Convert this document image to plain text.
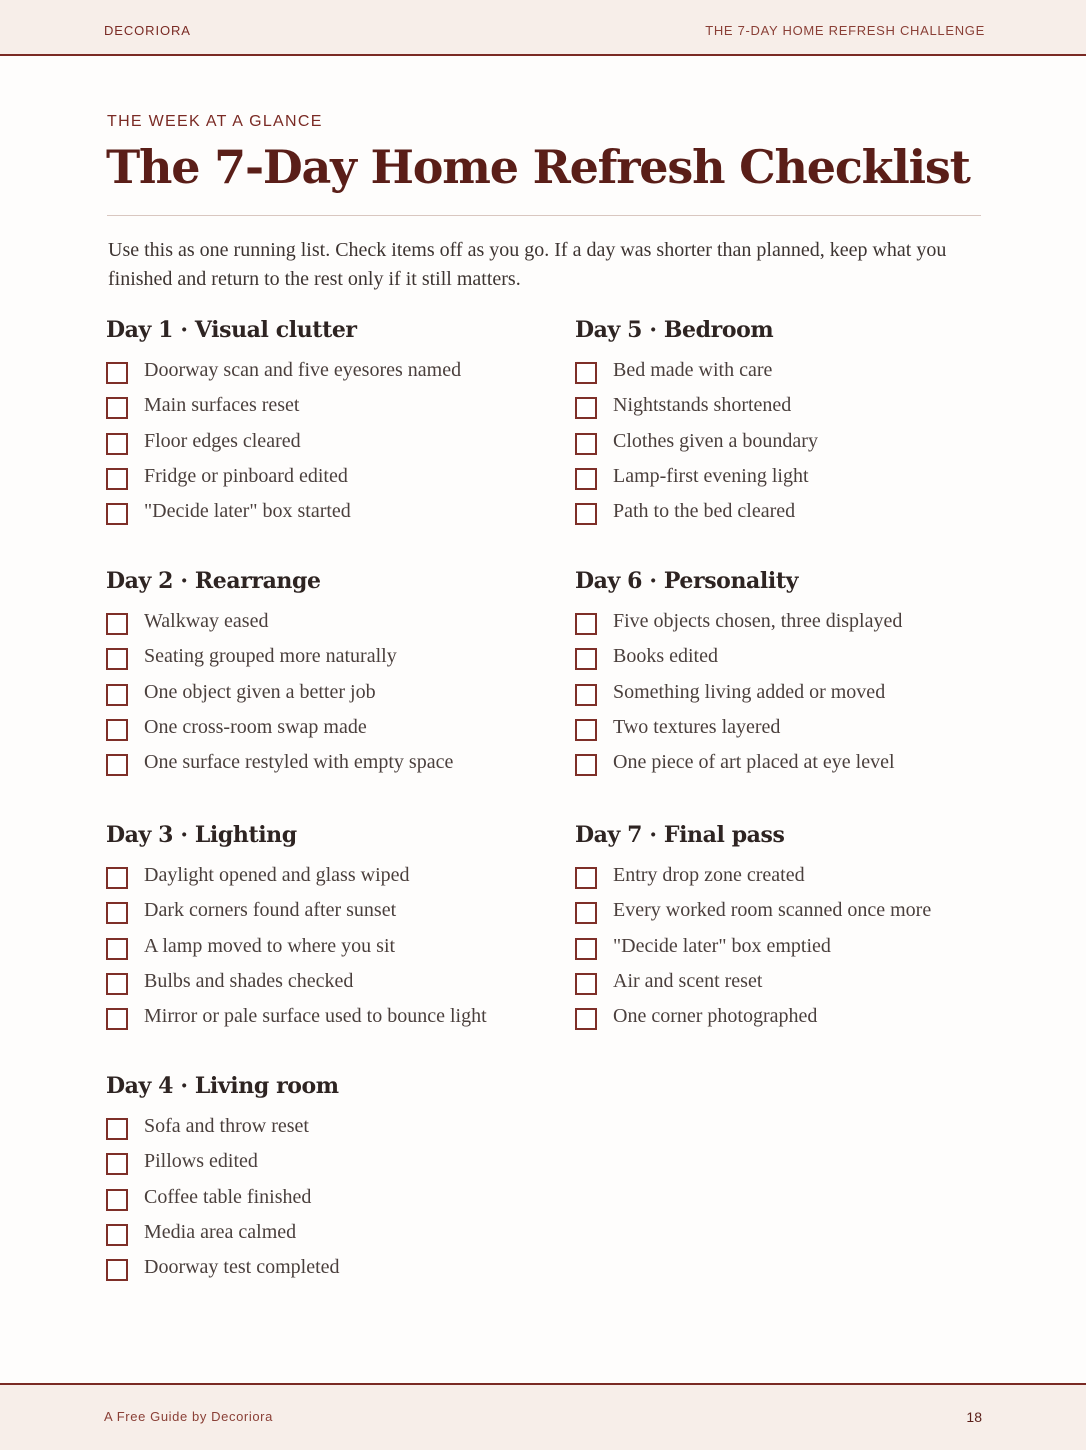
DECORIORA	THE 7-DAY HOME REFRESH CHALLENGE
THE WEEK AT A GLANCE
The 7-Day Home Refresh Checklist

Use this as one running list. Check items off as you go. If a day was shorter than planned, keep what you finished and return to the rest only if it still matters.

Day 1 · Visual clutter
Doorway scan and five eyesores named
Main surfaces reset
Floor edges cleared
Fridge or pinboard edited
"Decide later" box started
Day 2 · Rearrange
Walkway eased
Seating grouped more naturally
One object given a better job
One cross-room swap made
One surface restyled with empty space
Day 3 · Lighting
Daylight opened and glass wiped
Dark corners found after sunset
A lamp moved to where you sit
Bulbs and shades checked
Mirror or pale surface used to bounce light
Day 4 · Living room
Sofa and throw reset
Pillows edited
Coffee table finished
Media area calmed
Doorway test completed
Day 5 · Bedroom
Bed made with care
Nightstands shortened
Clothes given a boundary
Lamp-first evening light
Path to the bed cleared
Day 6 · Personality
Five objects chosen, three displayed
Books edited
Something living added or moved
Two textures layered
One piece of art placed at eye level
Day 7 · Final pass
Entry drop zone created
Every worked room scanned once more
"Decide later" box emptied
Air and scent reset
One corner photographed
A Free Guide by Decoriora	18
